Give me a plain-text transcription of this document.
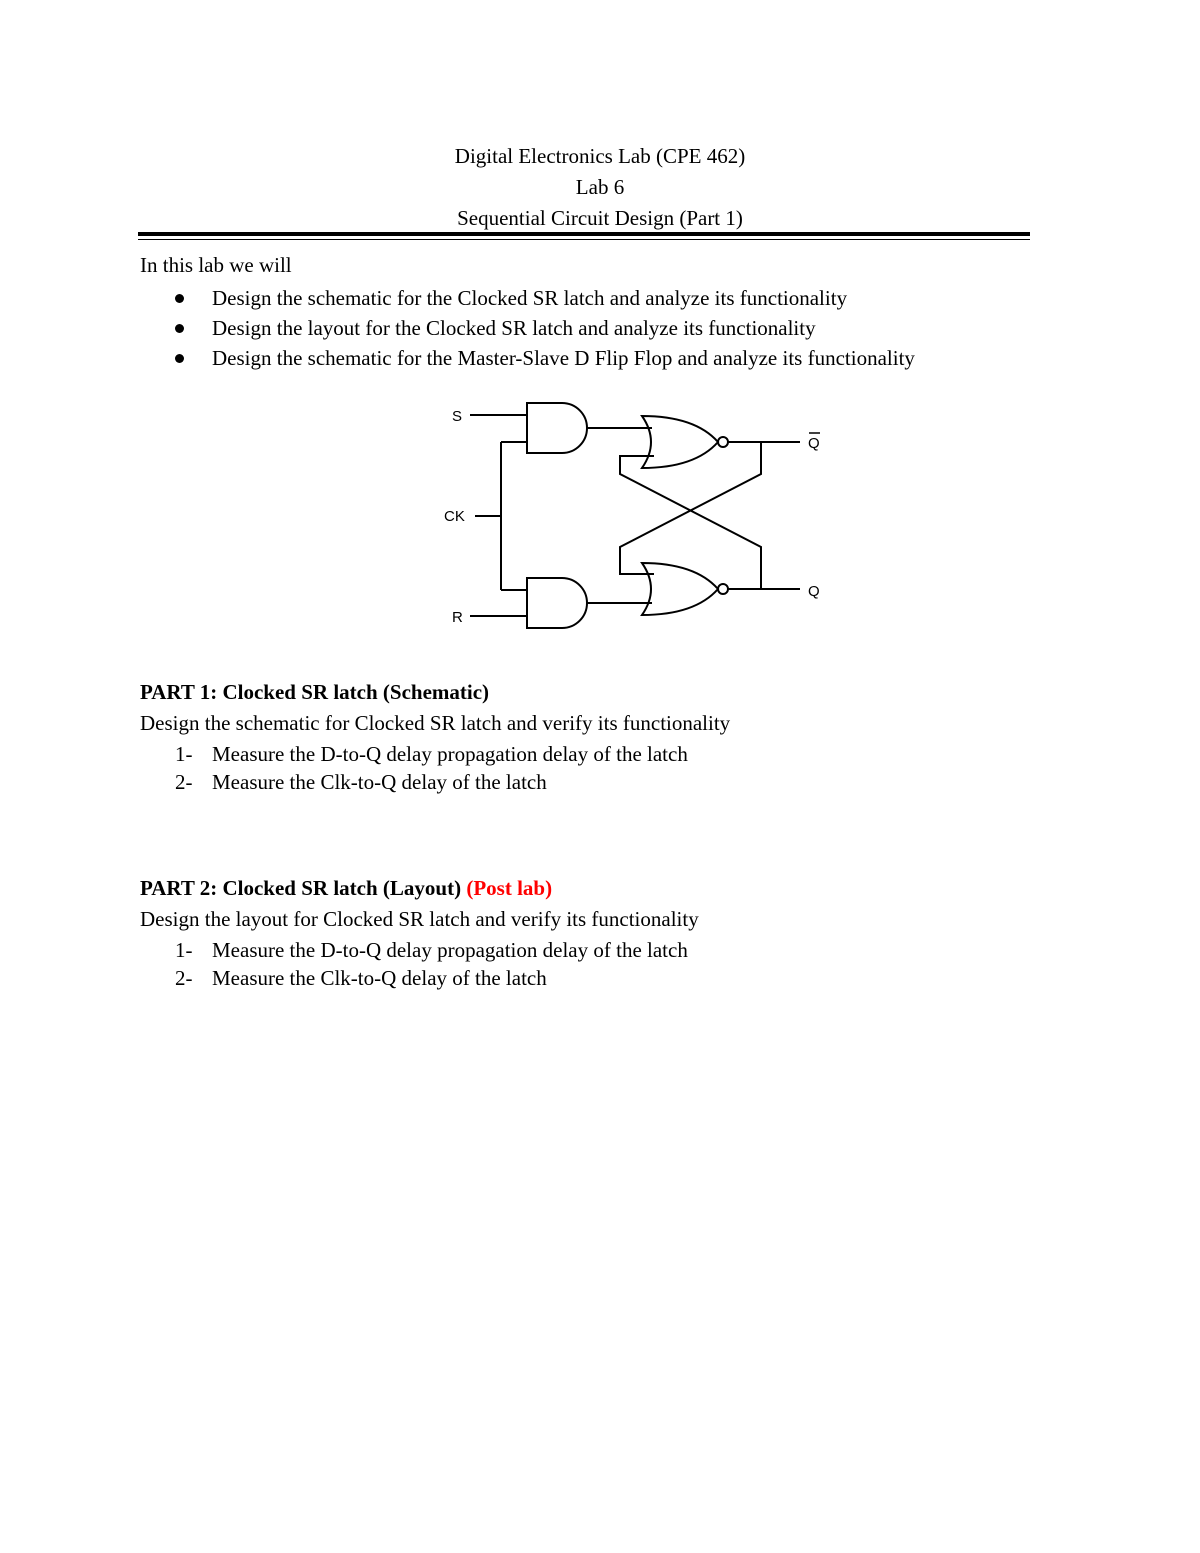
Digital Electronics Lab (CPE 462)
Lab 6
Sequential Circuit Design (Part 1)
In this lab we will
Design the schematic for the Clocked SR latch and analyze its functionality
Design the layout for the Clocked SR latch and analyze its functionality
Design the schematic for the Master-Slave D Flip Flop and analyze its functionality
S
CK
R
Q
Q
PART 1: Clocked SR latch (Schematic)
Design the schematic for Clocked SR latch and verify its functionality
1- Measure the D-to-Q delay propagation delay of the latch
2- Measure the Clk-to-Q delay of the latch
PART 2: Clocked SR latch (Layout) (Post lab)
Design the layout for Clocked SR latch and verify its functionality
1- Measure the D-to-Q delay propagation delay of the latch
2- Measure the Clk-to-Q delay of the latch
